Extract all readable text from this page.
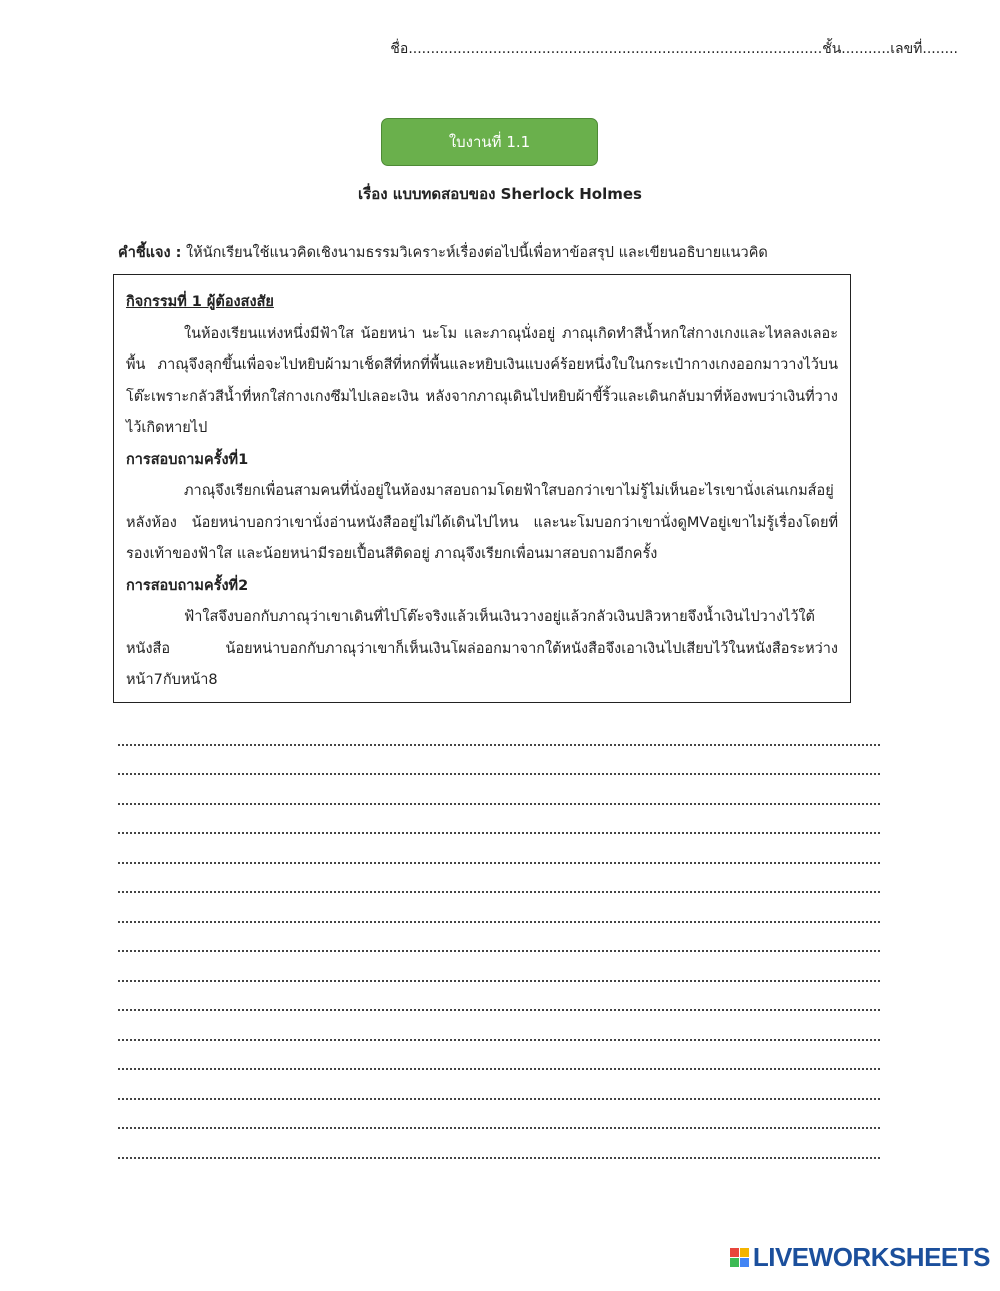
ชื่อ.............................................................................................ชั้น...........เลขที่........
ใบงานที่ 1.1
เรื่อง แบบทดสอบของ Sherlock Holmes
คำชี้แจง : ให้นักเรียนใช้แนวคิดเชิงนามธรรมวิเคราะห์เรื่องต่อไปนี้เพื่อหาข้อสรุป และเขียนอธิบายแนวคิด
กิจกรรมที่ 1 ผู้ต้องสงสัย

ในห้องเรียนแห่งหนึ่งมีฟ้าใส น้อยหน่า นะโม และภาณุนั่งอยู่ ภาณุเกิดทำสีน้ำหกใส่กางเกงและไหลลงเลอะพื้น ภาณุจึงลุกขึ้นเพื่อจะไปหยิบผ้ามาเช็ดสีที่หกที่พื้นและหยิบเงินแบงค์ร้อยหนึ่งใบในกระเป๋ากางเกงออกมาวางไว้บนโต๊ะเพราะกลัวสีน้ำที่หกใส่กางเกงซึมไปเลอะเงิน หลังจากภาณุเดินไปหยิบผ้าขี้ริ้วและเดินกลับมาที่ห้องพบว่าเงินที่วางไว้เกิดหายไป

การสอบถามครั้งที่1

ภาณุจึงเรียกเพื่อนสามคนที่นั่งอยู่ในห้องมาสอบถามโดยฟ้าใสบอกว่าเขาไม่รู้ไม่เห็นอะไรเขานั่งเล่นเกมส์อยู่หลังห้อง น้อยหน่าบอกว่าเขานั่งอ่านหนังสืออยู่ไม่ได้เดินไปไหน และนะโมบอกว่าเขานั่งดูMVอยู่เขาไม่รู้เรื่องโดยที่รองเท้าของฟ้าใส และน้อยหน่ามีรอยเปื้อนสีติดอยู่ ภาณุจึงเรียกเพื่อนมาสอบถามอีกครั้ง

การสอบถามครั้งที่2

ฟ้าใสจึงบอกกับภาณุว่าเขาเดินที่ไปโต๊ะจริงแล้วเห็นเงินวางอยู่แล้วกลัวเงินปลิวหายจึงน้ำเงินไปวางไว้ใต้หนังสือ น้อยหน่าบอกกับภาณุว่าเขาก็เห็นเงินโผล่ออกมาจากใต้หนังสือจึงเอาเงินไปเสียบไว้ในหนังสือระหว่างหน้า7กับหน้า8

LIVEWORKSHEETS
